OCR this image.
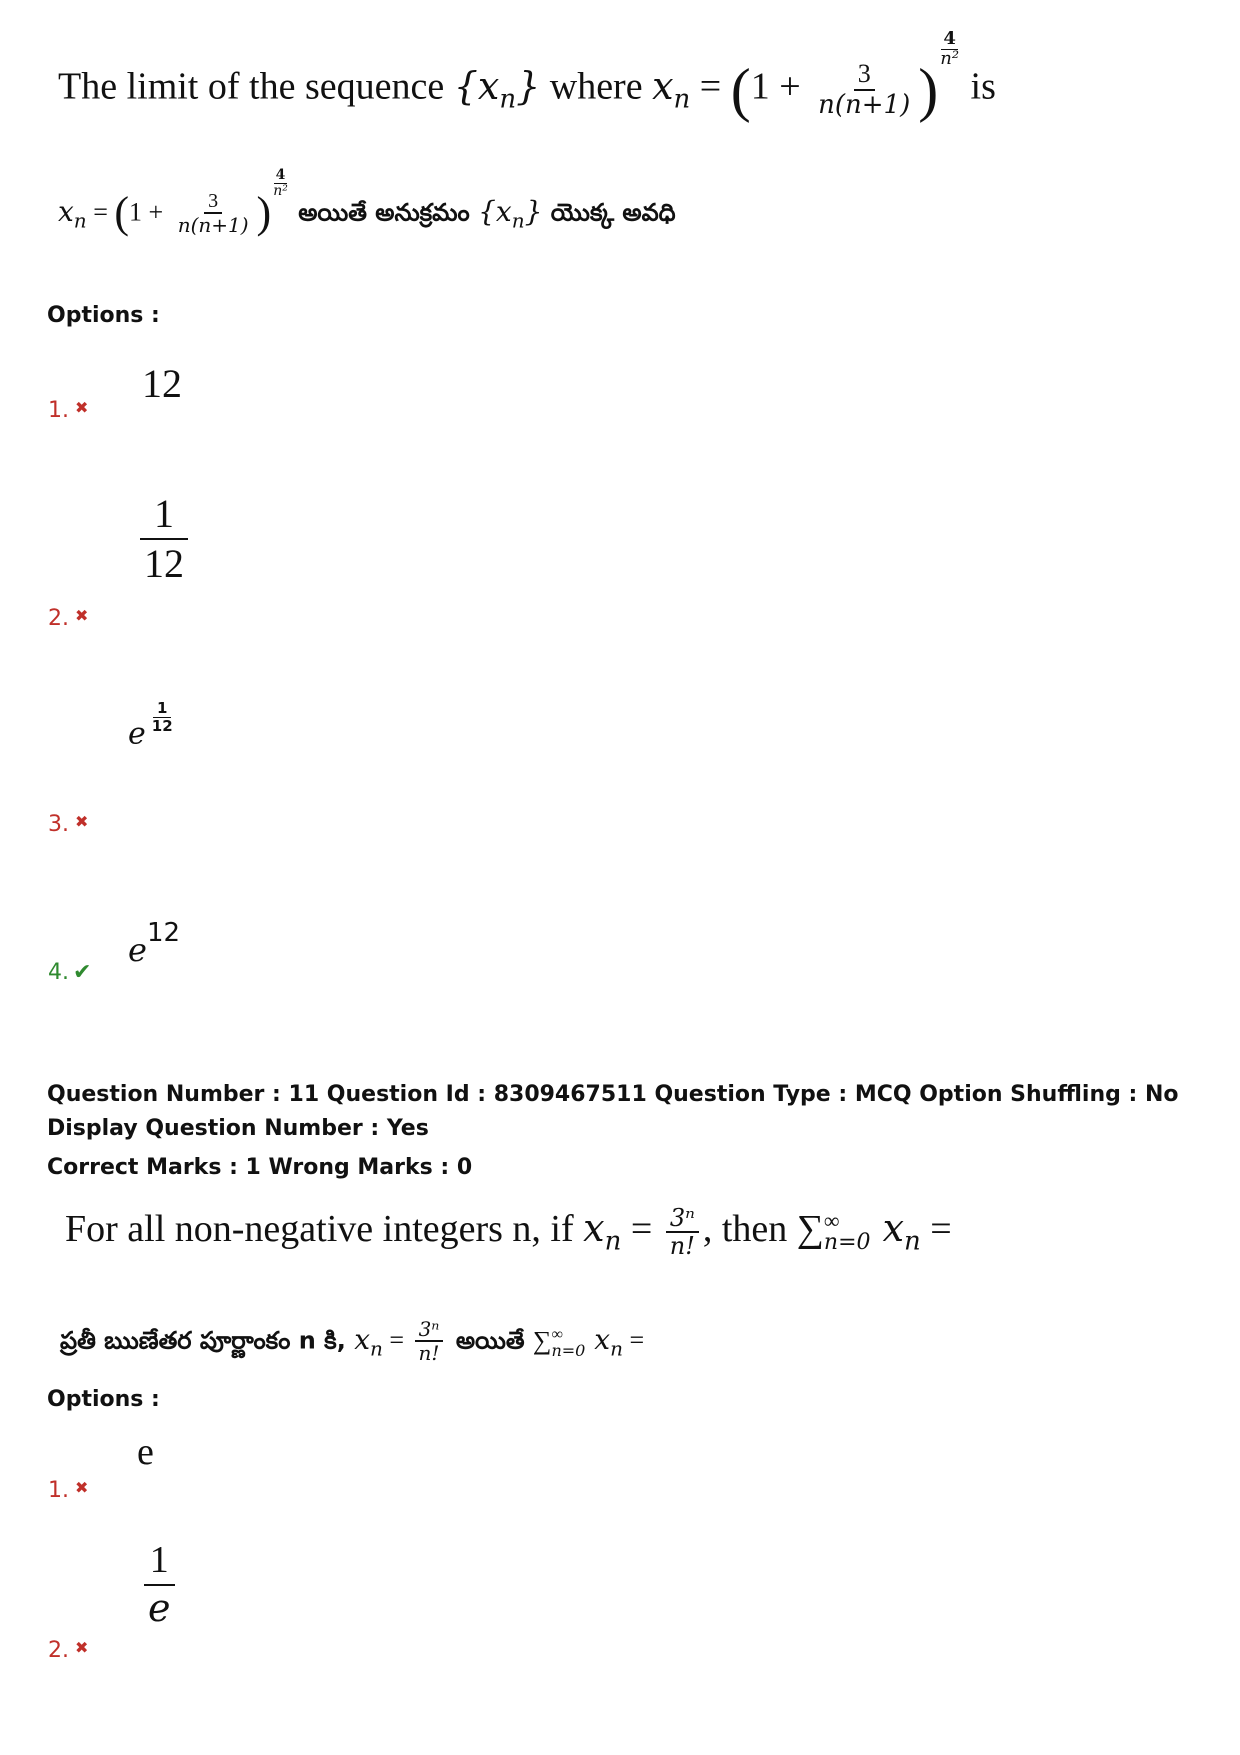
The limit of the sequence $\{x_n\}$ where $x_n = (1 + \frac{3}{n(n+1)}$ )
$\frac{4}{\text{n²}}$
is
$x_n = (1 + \frac{3}{n(n+1)}$ )
$\frac{4}{\text{n²}}$
అయితే అనుక్రమం $\{x_n\}$ యొక్క అవధి
Options :
12
1. ✖
$\frac{1}{12}$
2. ✖
e $\frac{1}{12}$
3. ✖
e12
4. ✔
Question Number : 11 Question Id : 8309467511 Question Type : MCQ Option Shuffling : No
Display Question Number : Yes
Correct Marks : 1 Wrong Marks : 0
For all non-negative integers n, if $x_n = \frac{\text{3ⁿ}}{n!}$ , then ∑ ∞
n=0 $x_n$ =
ప్రతీ ఋణేతర పూర్ణాంకం n కి, $x_n = \frac{\text{3ⁿ}}{n!}$ అయితే ∑ ∞
n=0 $x_n$ =
Options :
e
1. ✖
$\frac{1}{e}$
2. ✖
